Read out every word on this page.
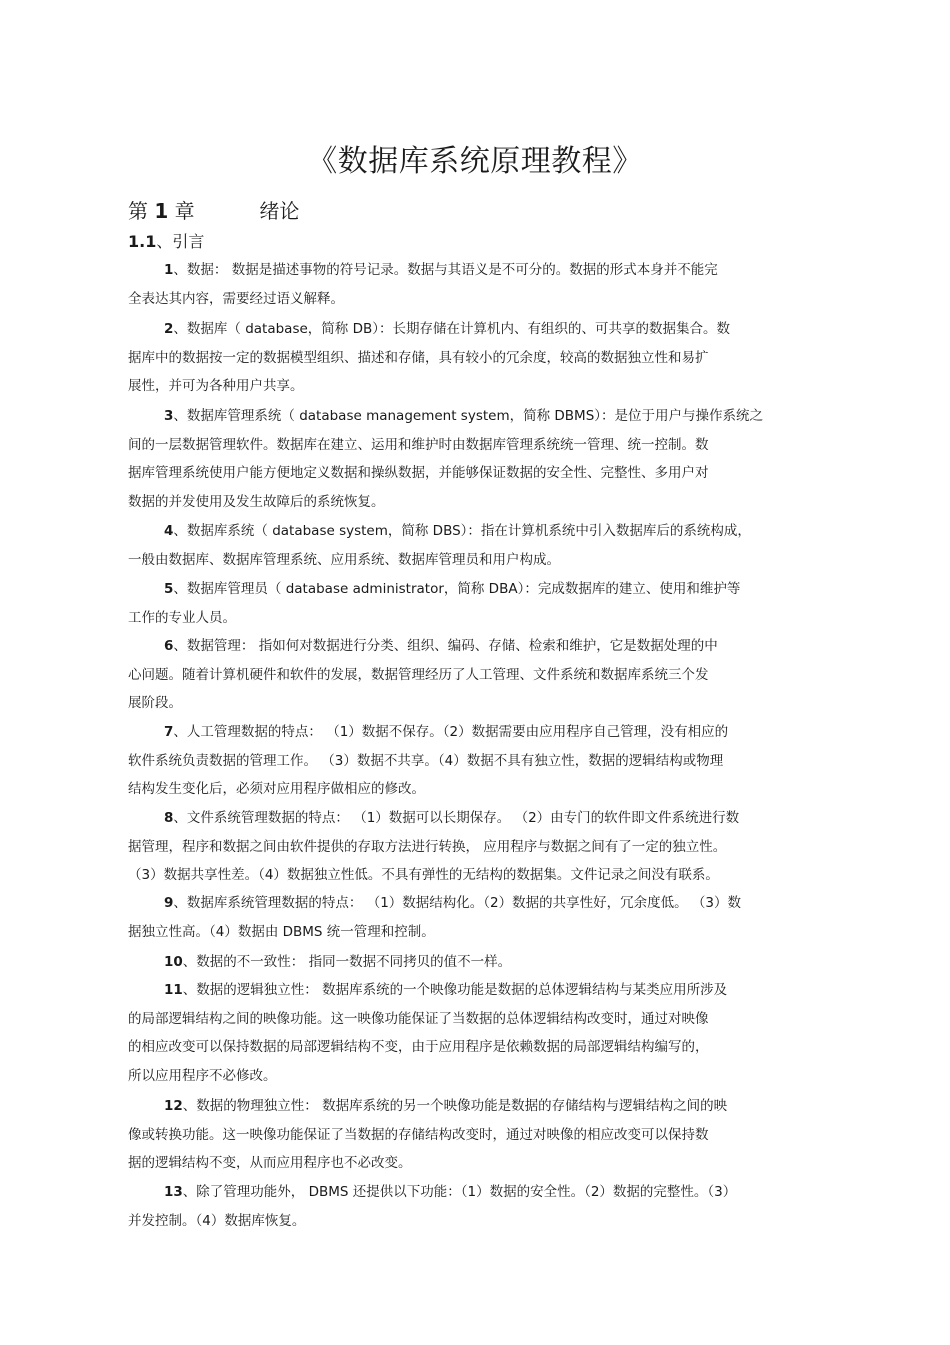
《数据库系统原理教程》
第 1 章	绪论
1.1、引言
1、数据： 数据是描述事物的符号记录。数据与其语义是不可分的。数据的形式本身并不能完
全表达其内容，需要经过语义解释。
2、数据库（ database，简称 DB）：长期存储在计算机内、有组织的、可共享的数据集合。数
据库中的数据按一定的数据模型组织、描述和存储，具有较小的冗余度，较高的数据独立性和易扩
展性，并可为各种用户共享。
3、数据库管理系统（ database management system，简称 DBMS）：是位于用户与操作系统之
间的一层数据管理软件。数据库在建立、运用和维护时由数据库管理系统统一管理、统一控制。数
据库管理系统使用户能方便地定义数据和操纵数据，并能够保证数据的安全性、完整性、多用户对
数据的并发使用及发生故障后的系统恢复。
4、数据库系统（ database system，简称 DBS）：指在计算机系统中引入数据库后的系统构成，
一般由数据库、数据库管理系统、应用系统、数据库管理员和用户构成。
5、数据库管理员（ database administrator，简称 DBA）：完成数据库的建立、使用和维护等
工作的专业人员。
6、数据管理： 指如何对数据进行分类、组织、编码、存储、检索和维护，它是数据处理的中
心问题。随着计算机硬件和软件的发展，数据管理经历了人工管理、文件系统和数据库系统三个发
展阶段。
7、人工管理数据的特点： （1）数据不保存。（2）数据需要由应用程序自己管理，没有相应的
软件系统负责数据的管理工作。 （3）数据不共享。（4）数据不具有独立性，数据的逻辑结构或物理
结构发生变化后，必须对应用程序做相应的修改。
8、文件系统管理数据的特点： （1）数据可以长期保存。 （2）由专门的软件即文件系统进行数
据管理，程序和数据之间由软件提供的存取方法进行转换， 应用程序与数据之间有了一定的独立性。
（3）数据共享性差。（4）数据独立性低。不具有弹性的无结构的数据集。文件记录之间没有联系。
9、数据库系统管理数据的特点： （1）数据结构化。（2）数据的共享性好，冗余度低。 （3）数
据独立性高。（4）数据由 DBMS 统一管理和控制。
10、数据的不一致性： 指同一数据不同拷贝的值不一样。
11、数据的逻辑独立性： 数据库系统的一个映像功能是数据的总体逻辑结构与某类应用所涉及
的局部逻辑结构之间的映像功能。这一映像功能保证了当数据的总体逻辑结构改变时，通过对映像
的相应改变可以保持数据的局部逻辑结构不变，由于应用程序是依赖数据的局部逻辑结构编写的，
所以应用程序不必修改。
12、数据的物理独立性： 数据库系统的另一个映像功能是数据的存储结构与逻辑结构之间的映
像或转换功能。这一映像功能保证了当数据的存储结构改变时，通过对映像的相应改变可以保持数
据的逻辑结构不变，从而应用程序也不必改变。
13、除了管理功能外， DBMS 还提供以下功能：（1）数据的安全性。（2）数据的完整性。（3）
并发控制。（4）数据库恢复。
